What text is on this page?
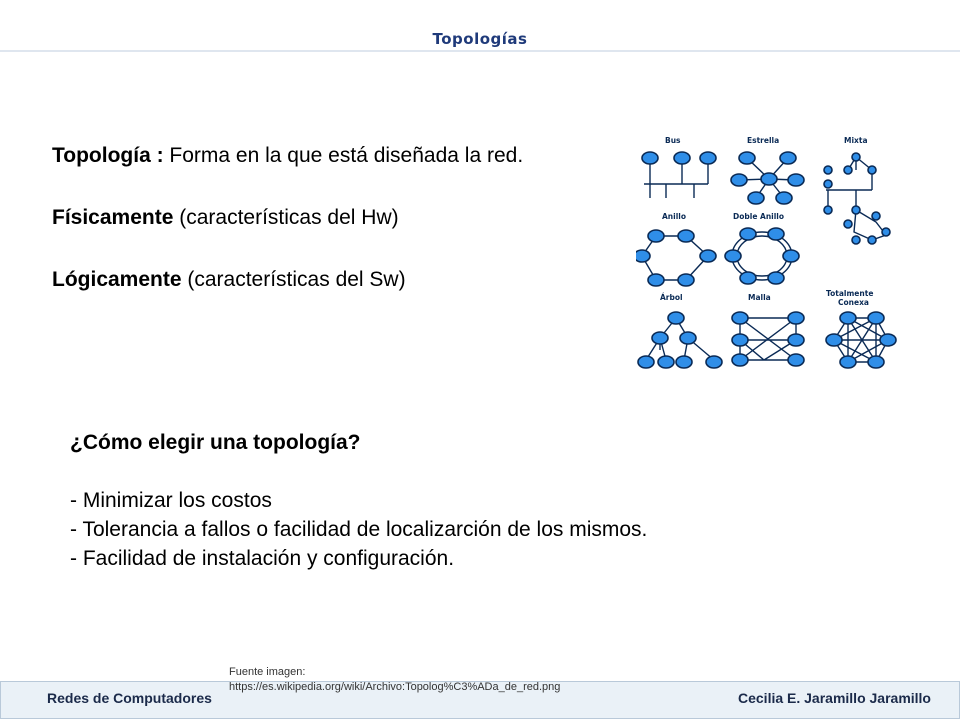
Topologías

Topología : Forma en la que está diseñada la red.

Físicamente (características del Hw)

Lógicamente (características del Sw)

Bus	Estrella	Mixta
Anillo	Doble Anillo
Árbol	Malla	Totalmente
Conexa
¿Cómo elegir una topología?
- Minimizar los costos
- Tolerancia a fallos o facilidad de localizarción de los mismos.
- Facilidad de instalación y configuración.
Redes de Computadores	Cecilia E. Jaramillo Jaramillo
Fuente imagen:
https://es.wikipedia.org/wiki/Archivo:Topolog%C3%ADa_de_red.png
